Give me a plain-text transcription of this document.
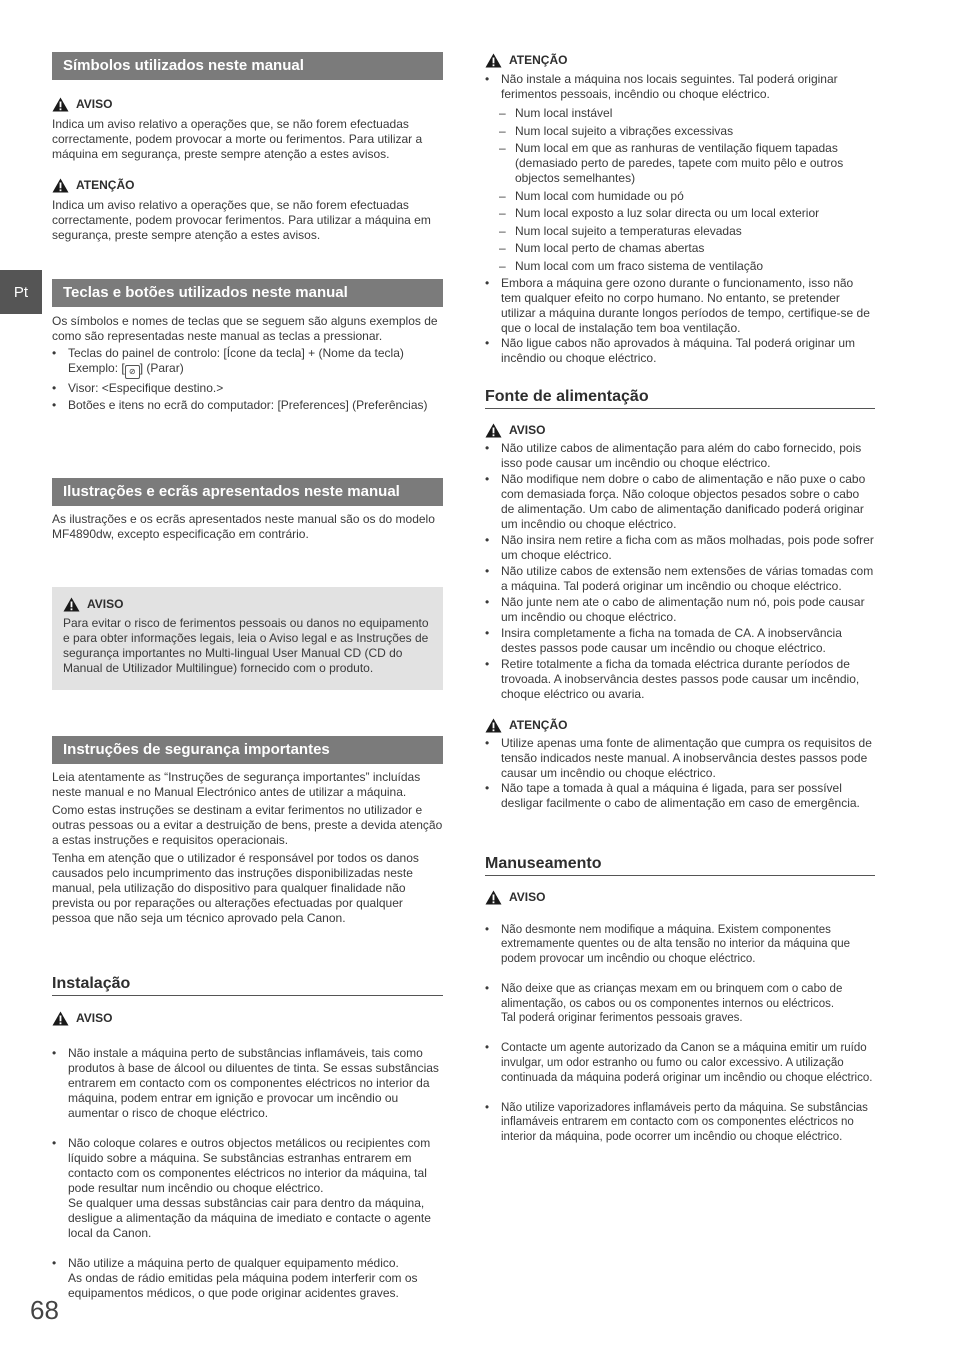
Pt
Símbolos utilizados neste manual
AVISO

Indica um aviso relativo a operações que, se não forem efectuadas correctamente, podem provocar a morte ou ferimentos. Para utilizar a máquina em segurança, preste sempre atenção a estes avisos.

ATENÇÃO

Indica um aviso relativo a operações que, se não forem efectuadas correctamente, podem provocar ferimentos. Para utilizar a máquina em segurança, preste sempre atenção a estes avisos.

Teclas e botões utilizados neste manual

Os símbolos e nomes de teclas que se seguem são alguns exemplos de como são representadas neste manual as teclas a pressionar.

• Teclas do painel de controlo: [Ícone da tecla] + (Nome da tecla)
Exemplo: [ ⊘ ] (Parar)
• Visor: <Especifique destino.>
• Botões e itens no ecrã do computador: [Preferences] (Preferências)
Ilustrações e ecrãs apresentados neste manual

As ilustrações e os ecrãs apresentados neste manual são os do modelo MF4890dw, excepto especificação em contrário.

AVISO

Para evitar o risco de ferimentos pessoais ou danos no equipamento e para obter informações legais, leia o Aviso legal e as Instruções de segurança importantes no Multi-lingual User Manual CD (CD do Manual de Utilizador Multilingue) fornecido com o produto.

Instruções de segurança importantes

Leia atentamente as “Instruções de segurança importantes” incluídas neste manual e no Manual Electrónico antes de utilizar a máquina.

Como estas instruções se destinam a evitar ferimentos no utilizador e outras pessoas ou a evitar a destruição de bens, preste a devida atenção a estas instruções e requisitos operacionais.

Tenha em atenção que o utilizador é responsável por todos os danos causados pelo incumprimento das instruções disponibilizadas neste manual, pela utilização do dispositivo para qualquer finalidade não prevista ou por reparações ou alterações efectuadas por qualquer pessoa que não seja um técnico aprovado pela Canon.

Instalação
AVISO

• Não instale a máquina perto de substâncias inflamáveis, tais como produtos à base de álcool ou diluentes de tinta. Se essas substâncias entrarem em contacto com os componentes eléctricos no interior da máquina, podem entrar em ignição e provocar um incêndio ou aumentar o risco de choque eléctrico.

• Não coloque colares e outros objectos metálicos ou recipientes com líquido sobre a máquina. Se substâncias estranhas entrarem em contacto com os componentes eléctricos no interior da máquina, tal pode resultar num incêndio ou choque eléctrico.
Se qualquer uma dessas substâncias cair para dentro da máquina, desligue a alimentação da máquina de imediato e contacte o agente local da Canon.

• Não utilize a máquina perto de qualquer equipamento médico.
As ondas de rádio emitidas pela máquina podem interferir com os equipamentos médicos, o que pode originar acidentes graves.

ATENÇÃO
• Não instale a máquina nos locais seguintes. Tal poderá originar ferimentos pessoais, incêndio ou choque eléctrico.
– Num local instável
– Num local sujeito a vibrações excessivas
– Num local em que as ranhuras de ventilação fiquem tapadas (demasiado perto de paredes, tapete com muito pêlo e outros objectos semelhantes)
– Num local com humidade ou pó
– Num local exposto a luz solar directa ou um local exterior
– Num local sujeito a temperaturas elevadas
– Num local perto de chamas abertas
– Num local com um fraco sistema de ventilação
• Embora a máquina gere ozono durante o funcionamento, isso não tem qualquer efeito no corpo humano. No entanto, se pretender utilizar a máquina durante longos períodos de tempo, certifique-se de que o local de instalação tem boa ventilação.
• Não ligue cabos não aprovados à máquina. Tal poderá originar um incêndio ou choque eléctrico.
Fonte de alimentação
AVISO
• Não utilize cabos de alimentação para além do cabo fornecido, pois isso pode causar um incêndio ou choque eléctrico.
• Não modifique nem dobre o cabo de alimentação e não puxe o cabo com demasiada força. Não coloque objectos pesados sobre o cabo de alimentação. Um cabo de alimentação danificado poderá originar um incêndio ou choque eléctrico.
• Não insira nem retire a ficha com as mãos molhadas, pois pode sofrer um choque eléctrico.
• Não utilize cabos de extensão nem extensões de várias tomadas com a máquina. Tal poderá originar um incêndio ou choque eléctrico.
• Não junte nem ate o cabo de alimentação num nó, pois pode causar um incêndio ou choque eléctrico.
• Insira completamente a ficha na tomada de CA. A inobservância destes passos pode causar um incêndio ou choque eléctrico.
• Retire totalmente a ficha da tomada eléctrica durante períodos de trovoada. A inobservância destes passos pode causar um incêndio, choque eléctrico ou avaria.
ATENÇÃO
• Utilize apenas uma fonte de alimentação que cumpra os requisitos de tensão indicados neste manual. A inobservância destes passos pode causar um incêndio ou choque eléctrico.
• Não tape a tomada à qual a máquina é ligada, para ser possível desligar facilmente o cabo de alimentação em caso de emergência.
Manuseamento
AVISO

• Não desmonte nem modifique a máquina. Existem componentes extremamente quentes ou de alta tensão no interior da máquina que podem provocar um incêndio ou choque eléctrico.

• Não deixe que as crianças mexam em ou brinquem com o cabo de alimentação, os cabos ou os componentes internos ou eléctricos.
Tal poderá originar ferimentos pessoais graves.

• Contacte um agente autorizado da Canon se a máquina emitir um ruído invulgar, um odor estranho ou fumo ou calor excessivo. A utilização continuada da máquina poderá originar um incêndio ou choque eléctrico.

• Não utilize vaporizadores inflamáveis perto da máquina. Se substâncias inflamáveis entrarem em contacto com os componentes eléctricos no interior da máquina, pode ocorrer um incêndio ou choque eléctrico.

68
